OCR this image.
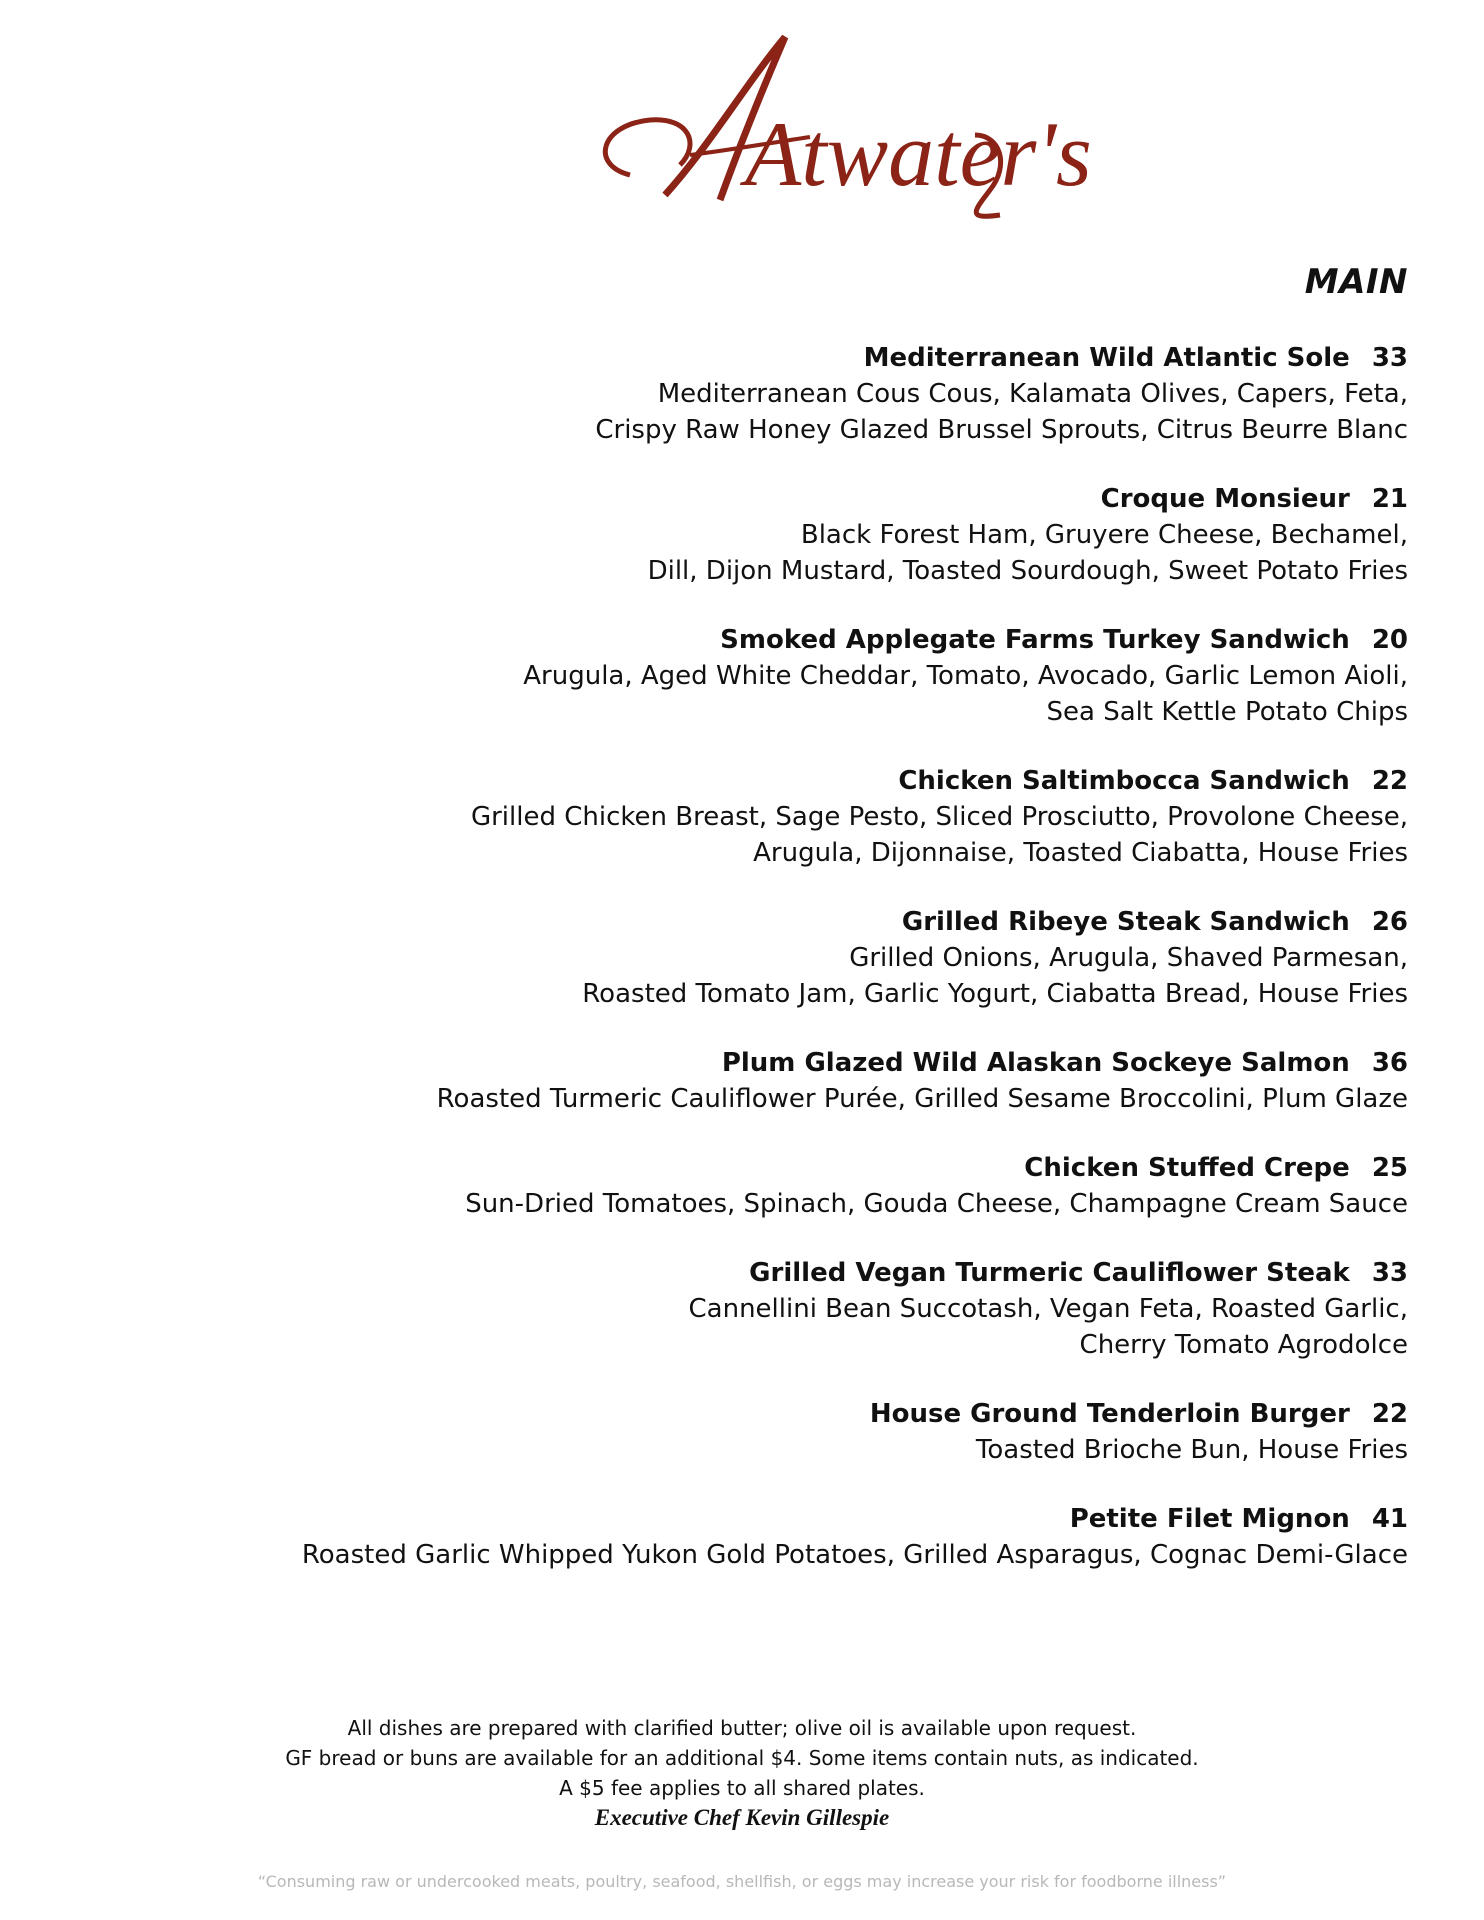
Atwater's
MAIN
Mediterranean Wild Atlantic Sole 33
Mediterranean Cous Cous, Kalamata Olives, Capers, Feta,
Crispy Raw Honey Glazed Brussel Sprouts, Citrus Beurre Blanc
Croque Monsieur 21
Black Forest Ham, Gruyere Cheese, Bechamel,
Dill, Dijon Mustard, Toasted Sourdough, Sweet Potato Fries
Smoked Applegate Farms Turkey Sandwich 20
Arugula, Aged White Cheddar, Tomato, Avocado, Garlic Lemon Aioli,
Sea Salt Kettle Potato Chips
Chicken Saltimbocca Sandwich 22
Grilled Chicken Breast, Sage Pesto, Sliced Prosciutto, Provolone Cheese,
Arugula, Dijonnaise, Toasted Ciabatta, House Fries
Grilled Ribeye Steak Sandwich 26
Grilled Onions, Arugula, Shaved Parmesan,
Roasted Tomato Jam, Garlic Yogurt, Ciabatta Bread, House Fries
Plum Glazed Wild Alaskan Sockeye Salmon 36
Roasted Turmeric Cauliflower Purée, Grilled Sesame Broccolini, Plum Glaze
Chicken Stuffed Crepe 25
Sun-Dried Tomatoes, Spinach, Gouda Cheese, Champagne Cream Sauce
Grilled Vegan Turmeric Cauliflower Steak 33
Cannellini Bean Succotash, Vegan Feta, Roasted Garlic,
Cherry Tomato Agrodolce
House Ground Tenderloin Burger 22
Toasted Brioche Bun, House Fries
Petite Filet Mignon 41
Roasted Garlic Whipped Yukon Gold Potatoes, Grilled Asparagus, Cognac Demi-Glace
All dishes are prepared with clarified butter; olive oil is available upon request.
GF bread or buns are available for an additional $4. Some items contain nuts, as indicated.
A $5 fee applies to all shared plates.
Executive Chef Kevin Gillespie
“Consuming raw or undercooked meats, poultry, seafood, shellfish, or eggs may increase your risk for foodborne illness”
